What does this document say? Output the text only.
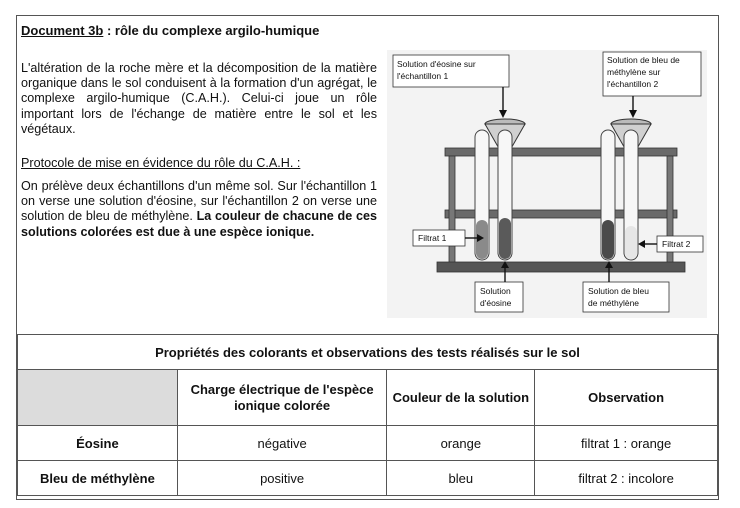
Document 3b : rôle du complexe argilo-humique
L'altération de la roche mère et la décomposition de la matière organique dans le sol conduisent à la formation d'un agrégat, le complexe argilo-humique (C.A.H.). Celui-ci joue un rôle important lors de l'échange de matière entre le sol et les végétaux.
Protocole de mise en évidence du rôle du C.A.H. :
On prélève deux échantillons d'un même sol. Sur l'échantillon 1 on verse une solution d'éosine, sur l'échantillon 2 on verse une solution de bleu de méthylène. La couleur de chacune de ces solutions colorées est due à une espèce ionique.
Solution d'éosine sur
l'échantillon 1
Solution de bleu de
méthylène sur
l'échantillon 2
Filtrat 1
Filtrat 2
Solution
d'éosine
Solution de bleu
de méthylène
Propriétés des colorants et observations des tests réalisés sur le sol			
	Charge électrique de l'espèce ionique colorée	Couleur de la solution	Observation
Éosine	négative	orange	filtrat 1 : orange
Bleu de méthylène	positive	bleu	filtrat 2 : incolore
